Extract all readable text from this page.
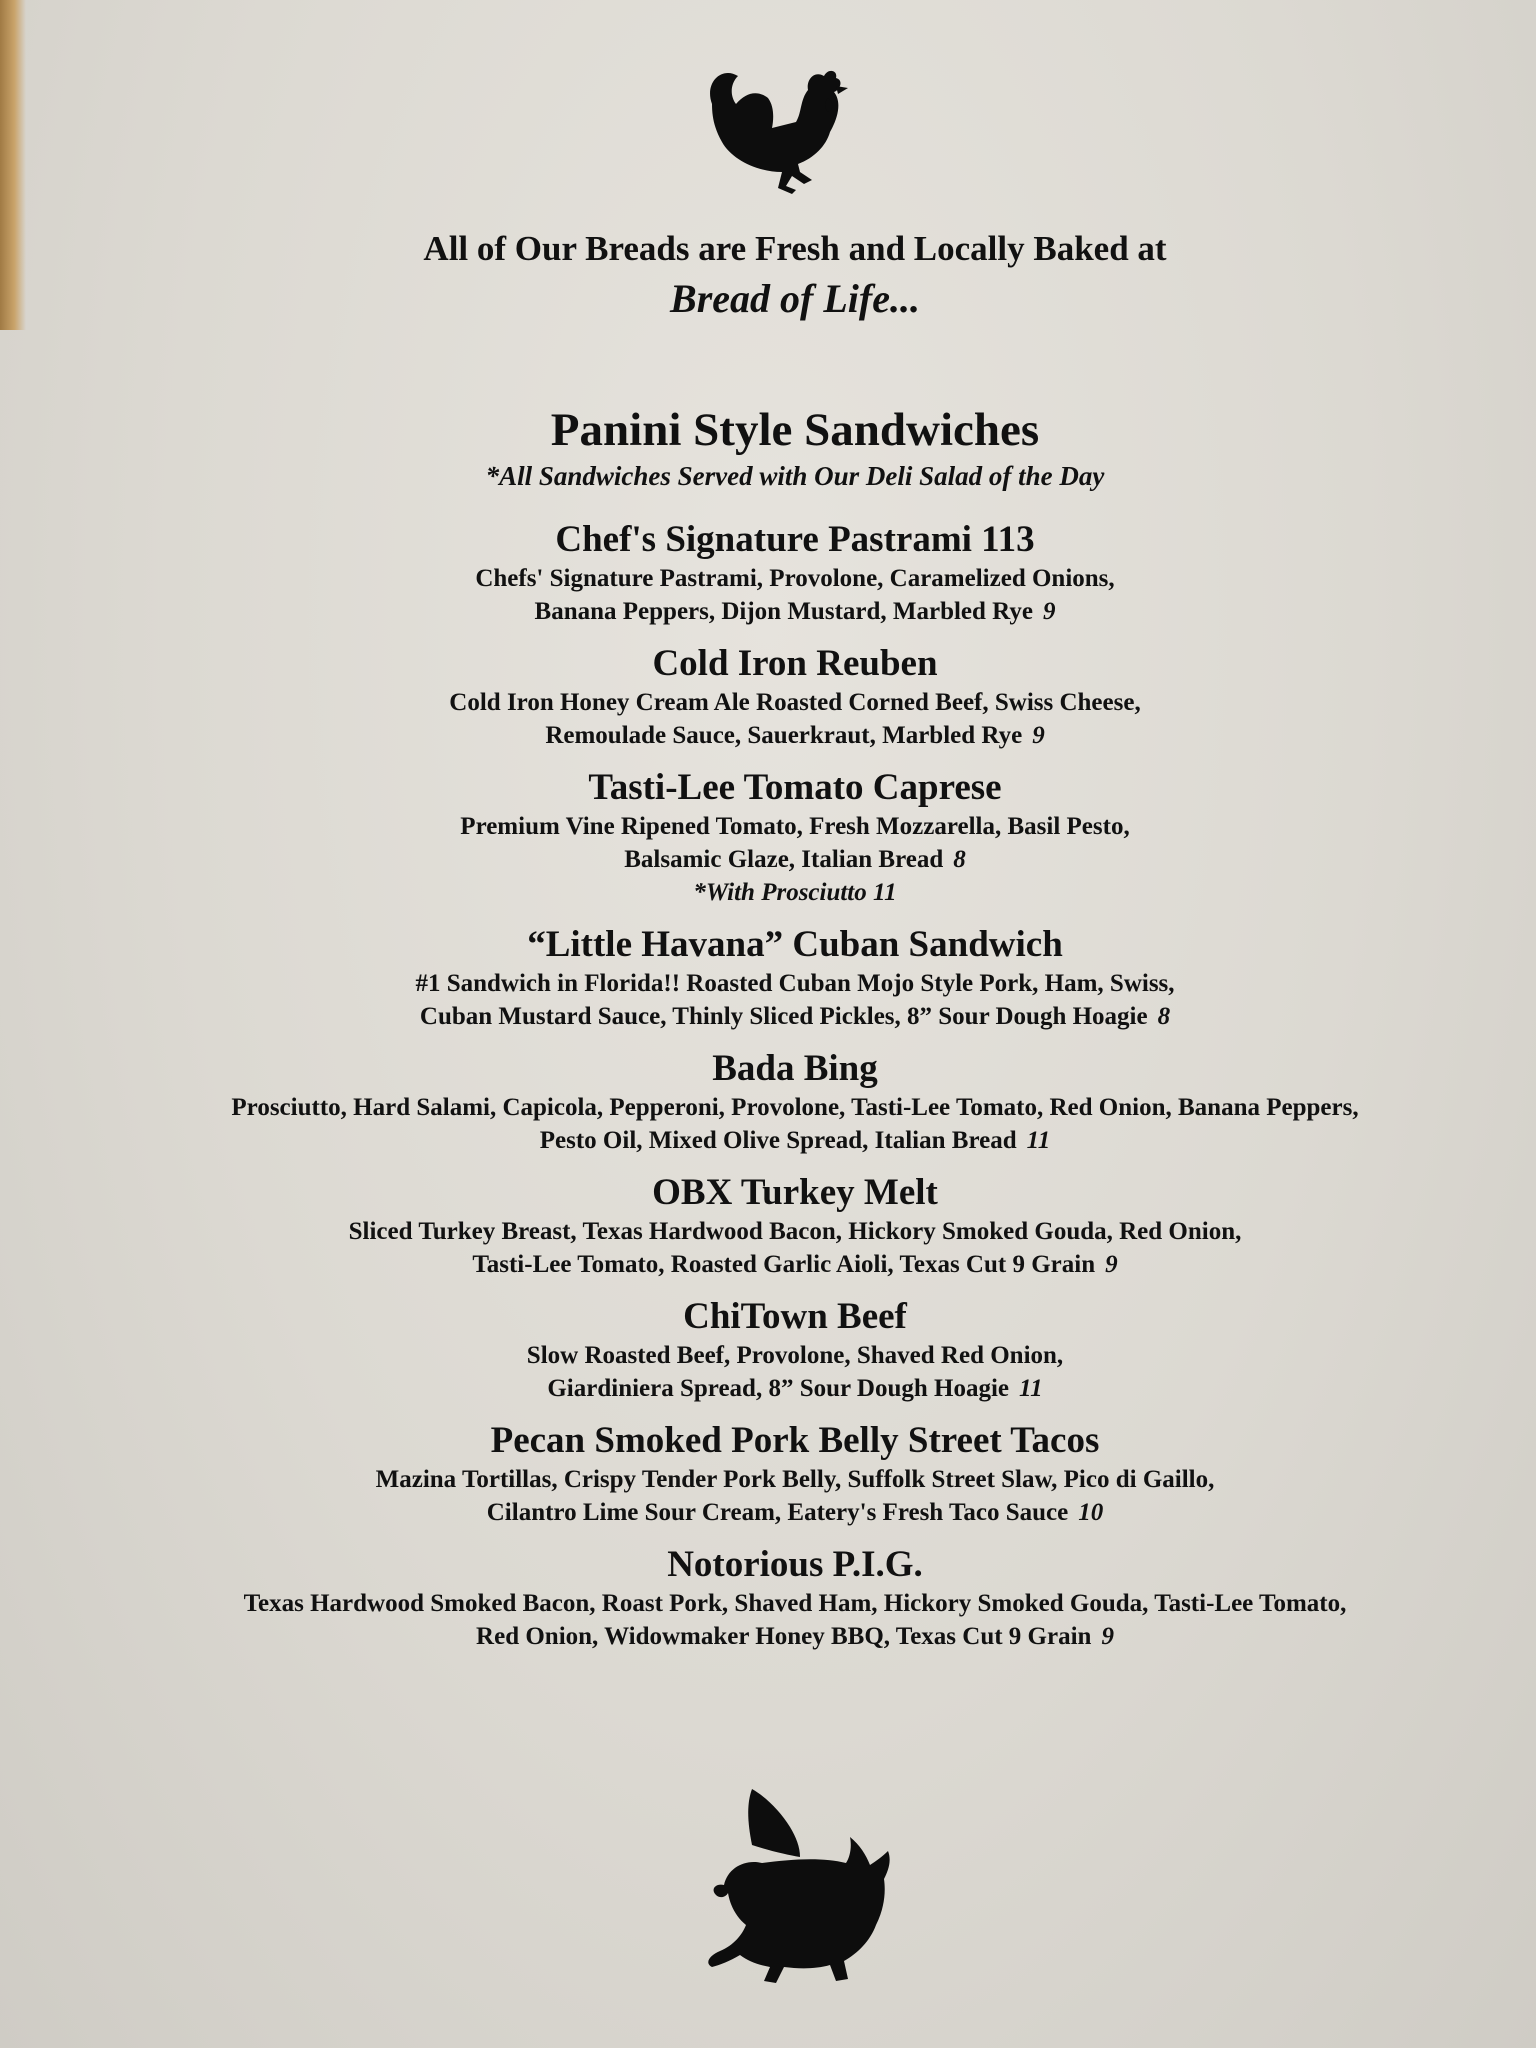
All of Our Breads are Fresh and Locally Baked at
Bread of Life...
Panini Style Sandwiches
*All Sandwiches Served with Our Deli Salad of the Day
Chef's Signature Pastrami 113
Chefs' Signature Pastrami, Provolone, Caramelized Onions,
Banana Peppers, Dijon Mustard, Marbled Rye 9
Cold Iron Reuben
Cold Iron Honey Cream Ale Roasted Corned Beef, Swiss Cheese,
Remoulade Sauce, Sauerkraut, Marbled Rye 9
Tasti-Lee Tomato Caprese
Premium Vine Ripened Tomato, Fresh Mozzarella, Basil Pesto,
Balsamic Glaze, Italian Bread 8
*With Prosciutto 11
“Little Havana” Cuban Sandwich
#1 Sandwich in Florida!! Roasted Cuban Mojo Style Pork, Ham, Swiss,
Cuban Mustard Sauce, Thinly Sliced Pickles, 8” Sour Dough Hoagie 8
Bada Bing
Prosciutto, Hard Salami, Capicola, Pepperoni, Provolone, Tasti-Lee Tomato, Red Onion, Banana Peppers,
Pesto Oil, Mixed Olive Spread, Italian Bread 11
OBX Turkey Melt
Sliced Turkey Breast, Texas Hardwood Bacon, Hickory Smoked Gouda, Red Onion,
Tasti-Lee Tomato, Roasted Garlic Aioli, Texas Cut 9 Grain 9
ChiTown Beef
Slow Roasted Beef, Provolone, Shaved Red Onion,
Giardiniera Spread, 8” Sour Dough Hoagie 11
Pecan Smoked Pork Belly Street Tacos
Mazina Tortillas, Crispy Tender Pork Belly, Suffolk Street Slaw, Pico di Gaillo,
Cilantro Lime Sour Cream, Eatery's Fresh Taco Sauce 10
Notorious P.I.G.
Texas Hardwood Smoked Bacon, Roast Pork, Shaved Ham, Hickory Smoked Gouda, Tasti-Lee Tomato,
Red Onion, Widowmaker Honey BBQ, Texas Cut 9 Grain 9
